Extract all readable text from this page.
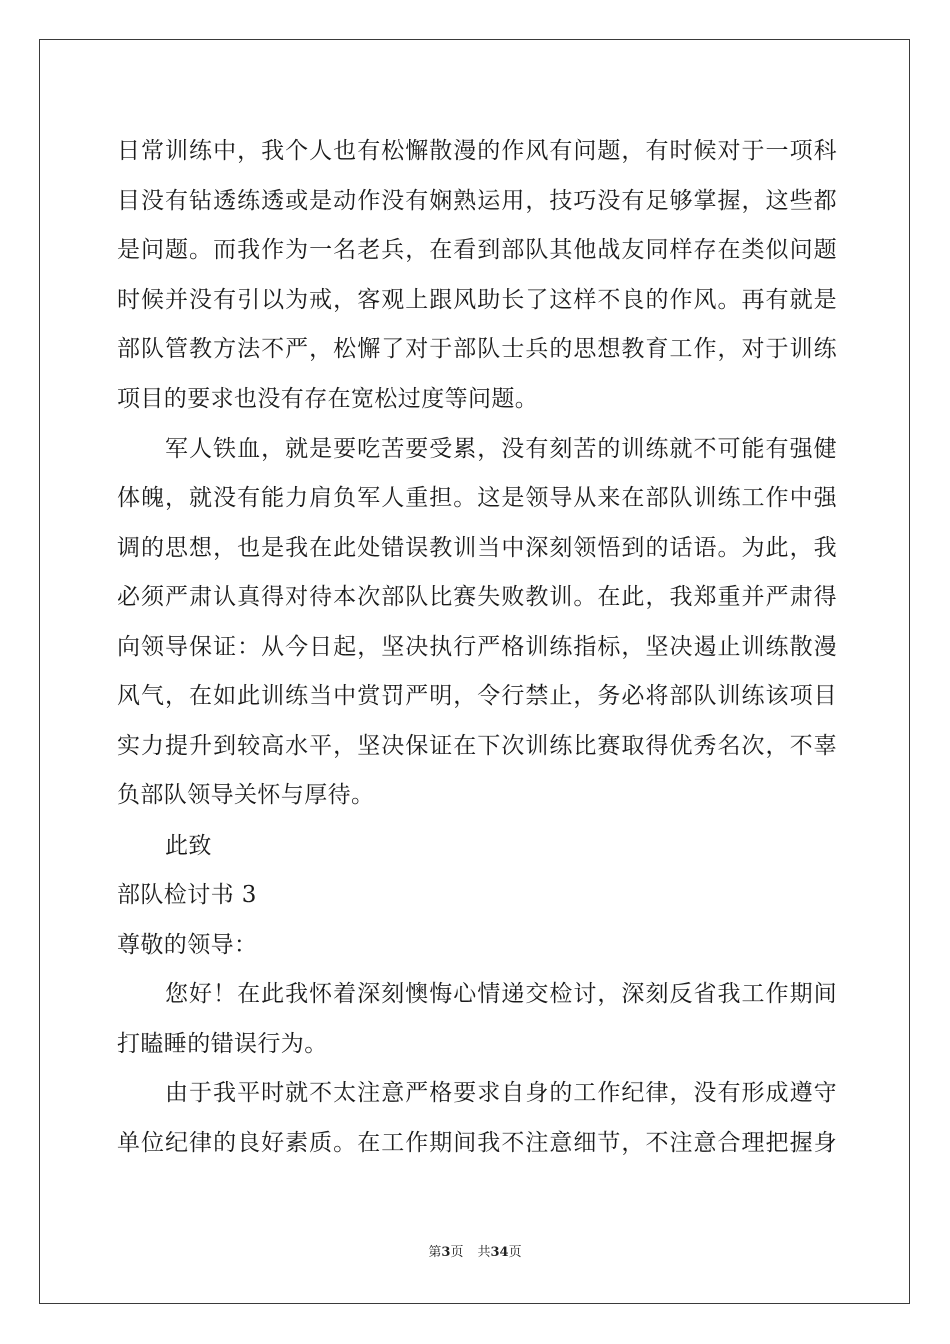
日常训练中，我个人也有松懈散漫的作风有问题，有时候对于一项科
目没有钻透练透或是动作没有娴熟运用，技巧没有足够掌握，这些都
是问题。而我作为一名老兵，在看到部队其他战友同样存在类似问题
时候并没有引以为戒，客观上跟风助长了这样不良的作风。再有就是
部队管教方法不严，松懈了对于部队士兵的思想教育工作，对于训练
项目的要求也没有存在宽松过度等问题。
军人铁血，就是要吃苦要受累，没有刻苦的训练就不可能有强健
体魄，就没有能力肩负军人重担。这是领导从来在部队训练工作中强
调的思想，也是我在此处错误教训当中深刻领悟到的话语。为此，我
必须严肃认真得对待本次部队比赛失败教训。在此，我郑重并严肃得
向领导保证：从今日起，坚决执行严格训练指标，坚决遏止训练散漫
风气，在如此训练当中赏罚严明，令行禁止，务必将部队训练该项目
实力提升到较高水平，坚决保证在下次训练比赛取得优秀名次，不辜
负部队领导关怀与厚待。
此致
部队检讨书 3
尊敬的领导：
您好！在此我怀着深刻懊悔心情递交检讨，深刻反省我工作期间
打瞌睡的错误行为。
由于我平时就不太注意严格要求自身的工作纪律，没有形成遵守
单位纪律的良好素质。在工作期间我不注意细节，不注意合理把握身
第3页 共34页
